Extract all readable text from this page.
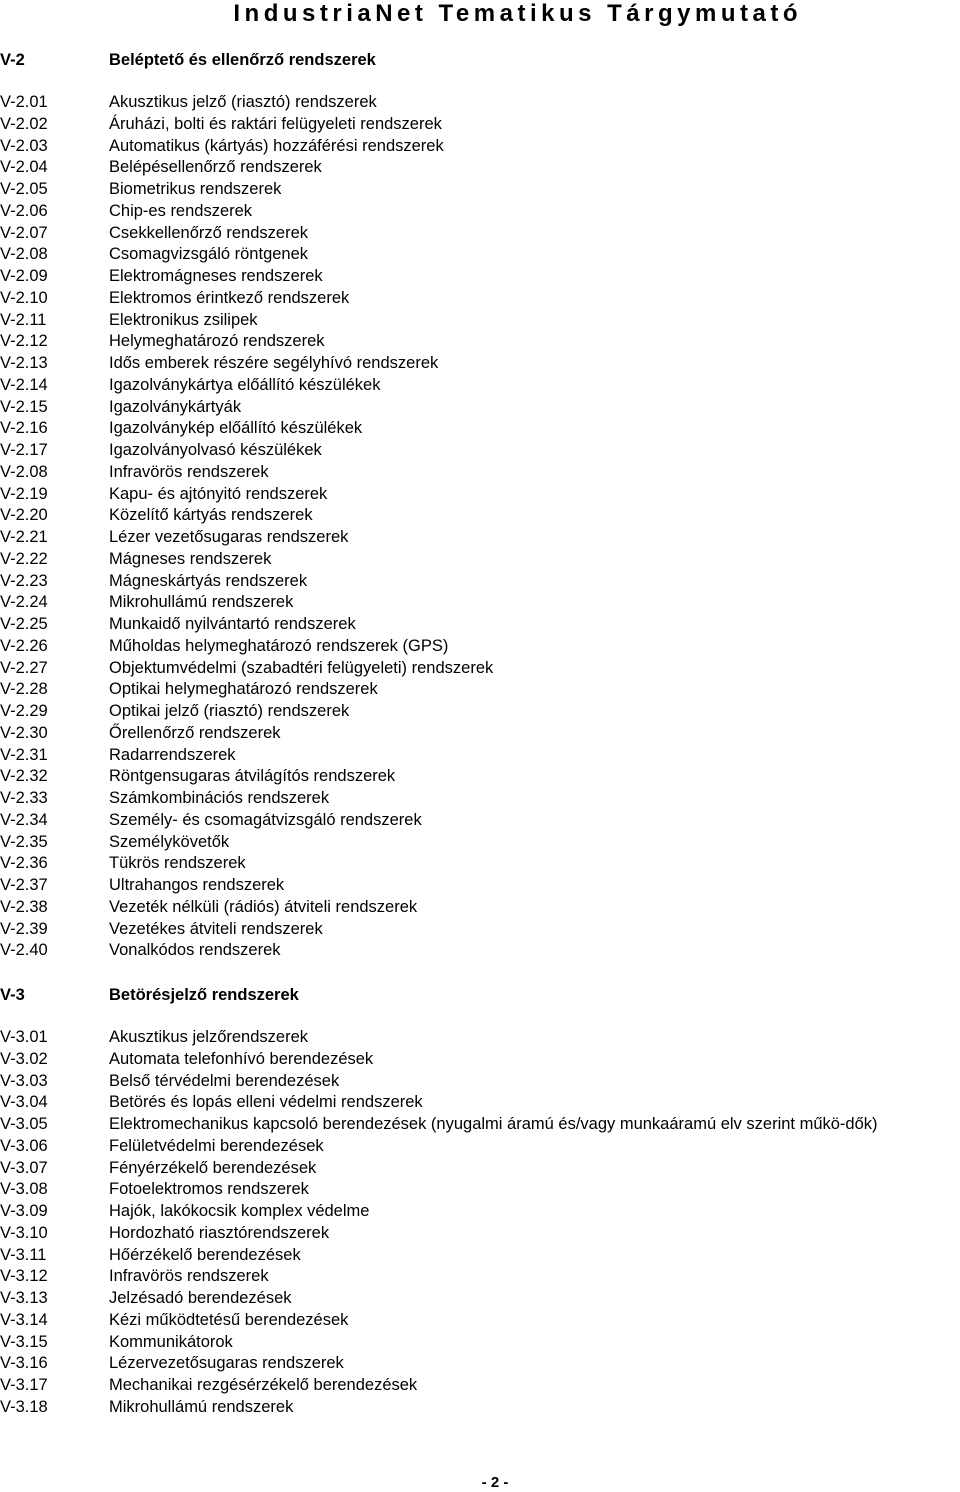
IndustriaNet Tematikus Tárgymutató
V-2	Beléptető és ellenőrző rendszerek
V-2.01	Akusztikus jelző (riasztó) rendszerek
V-2.02	Áruházi, bolti és raktári felügyeleti rendszerek
V-2.03	Automatikus (kártyás) hozzáférési rendszerek
V-2.04	Belépésellenőrző rendszerek
V-2.05	Biometrikus rendszerek
V-2.06	Chip-es rendszerek
V-2.07	Csekkellenőrző rendszerek
V-2.08	Csomagvizsgáló röntgenek
V-2.09	Elektromágneses rendszerek
V-2.10	Elektromos érintkező rendszerek
V-2.11	Elektronikus zsilipek
V-2.12	Helymeghatározó rendszerek
V-2.13	Idős emberek részére segélyhívó rendszerek
V-2.14	Igazolványkártya előállító készülékek
V-2.15	Igazolványkártyák
V-2.16	Igazolványkép előállító készülékek
V-2.17	Igazolványolvasó készülékek
V-2.08	Infravörös rendszerek
V-2.19	Kapu- és ajtónyitó rendszerek
V-2.20	Közelítő kártyás rendszerek
V-2.21	Lézer vezetősugaras rendszerek
V-2.22	Mágneses rendszerek
V-2.23	Mágneskártyás rendszerek
V-2.24	Mikrohullámú rendszerek
V-2.25	Munkaidő nyilvántartó rendszerek
V-2.26	Műholdas helymeghatározó rendszerek (GPS)
V-2.27	Objektumvédelmi (szabadtéri felügyeleti) rendszerek
V-2.28	Optikai helymeghatározó rendszerek
V-2.29	Optikai jelző (riasztó) rendszerek
V-2.30	Őrellenőrző rendszerek
V-2.31	Radarrendszerek
V-2.32	Röntgensugaras átvilágítós rendszerek
V-2.33	Számkombinációs rendszerek
V-2.34	Személy- és csomagátvizsgáló rendszerek
V-2.35	Személykövetők
V-2.36	Tükrös rendszerek
V-2.37	Ultrahangos rendszerek
V-2.38	Vezeték nélküli (rádiós) átviteli rendszerek
V-2.39	Vezetékes átviteli rendszerek
V-2.40	Vonalkódos rendszerek
V-3	Betörésjelző rendszerek
V-3.01	Akusztikus jelzőrendszerek
V-3.02	Automata telefonhívó berendezések
V-3.03	Belső térvédelmi berendezések
V-3.04	Betörés és lopás elleni védelmi rendszerek
V-3.05	Elektromechanikus kapcsoló berendezések (nyugalmi áramú és/vagy munkaáramú elv szerint műkö-dők)
V-3.06	Felületvédelmi berendezések
V-3.07	Fényérzékelő berendezések
V-3.08	Fotoelektromos rendszerek
V-3.09	Hajók, lakókocsik komplex védelme
V-3.10	Hordozható riasztórendszerek
V-3.11	Hőérzékelő berendezések
V-3.12	Infravörös rendszerek
V-3.13	Jelzésadó berendezések
V-3.14	Kézi működtetésű berendezések
V-3.15	Kommunikátorok
V-3.16	Lézervezetősugaras rendszerek
V-3.17	Mechanikai rezgésérzékelő berendezések
V-3.18	Mikrohullámú rendszerek
- 2 -
